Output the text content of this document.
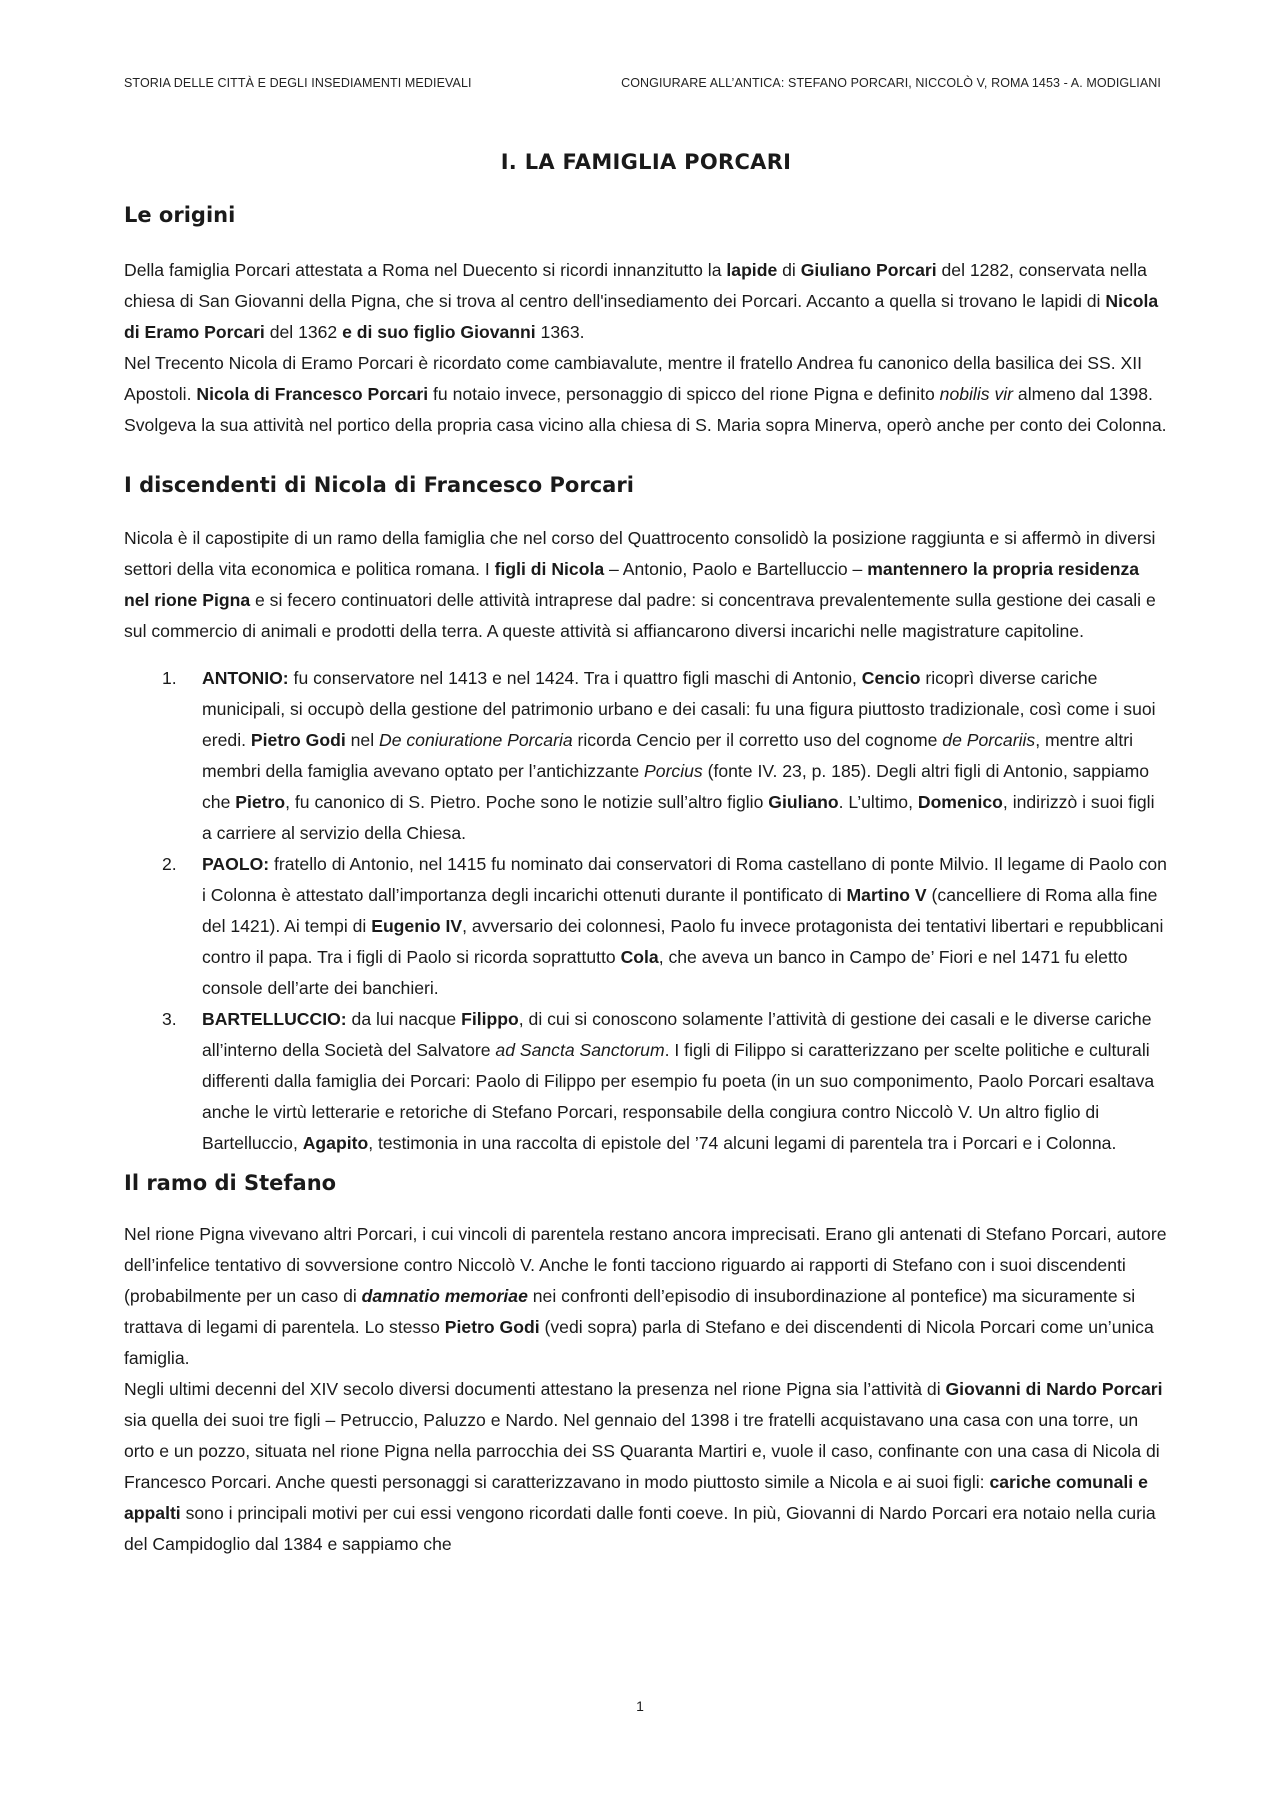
STORIA DELLE CITTÀ E DEGLI INSEDIAMENTI MEDIEVALI	CONGIURARE ALL’ANTICA: STEFANO PORCARI, NICCOLÒ V, ROMA 1453 - A. MODIGLIANI
I. LA FAMIGLIA PORCARI
Le origini

Della famiglia Porcari attestata a Roma nel Duecento si ricordi innanzitutto la lapide di Giuliano Porcari del 1282, conservata nella chiesa di San Giovanni della Pigna, che si trova al centro dell'insediamento dei Porcari. Accanto a quella si trovano le lapidi di Nicola di Eramo Porcari del 1362 e di suo figlio Giovanni 1363.

Nel Trecento Nicola di Eramo Porcari è ricordato come cambiavalute, mentre il fratello Andrea fu canonico della basilica dei SS. XII Apostoli. Nicola di Francesco Porcari fu notaio invece, personaggio di spicco del rione Pigna e definito nobilis vir almeno dal 1398. Svolgeva la sua attività nel portico della propria casa vicino alla chiesa di S. Maria sopra Minerva, operò anche per conto dei Colonna.

I discendenti di Nicola di Francesco Porcari

Nicola è il capostipite di un ramo della famiglia che nel corso del Quattrocento consolidò la posizione raggiunta e si affermò in diversi settori della vita economica e politica romana. I figli di Nicola – Antonio, Paolo e Bartelluccio – mantennero la propria residenza nel rione Pigna e si fecero continuatori delle attività intraprese dal padre: si concentrava prevalentemente sulla gestione dei casali e sul commercio di animali e prodotti della terra. A queste attività si affiancarono diversi incarichi nelle magistrature capitoline.

1. ANTONIO: fu conservatore nel 1413 e nel 1424. Tra i quattro figli maschi di Antonio, Cencio ricoprì diverse cariche municipali, si occupò della gestione del patrimonio urbano e dei casali: fu una figura piuttosto tradizionale, così come i suoi eredi. Pietro Godi nel De coniuratione Porcaria ricorda Cencio per il corretto uso del cognome de Porcariis, mentre altri membri della famiglia avevano optato per l’antichizzante Porcius (fonte IV. 23, p. 185). Degli altri figli di Antonio, sappiamo che Pietro, fu canonico di S. Pietro. Poche sono le notizie sull’altro figlio Giuliano. L’ultimo, Domenico, indirizzò i suoi figli a carriere al servizio della Chiesa.
2. PAOLO: fratello di Antonio, nel 1415 fu nominato dai conservatori di Roma castellano di ponte Milvio. Il legame di Paolo con i Colonna è attestato dall’importanza degli incarichi ottenuti durante il pontificato di Martino V (cancelliere di Roma alla fine del 1421). Ai tempi di Eugenio IV, avversario dei colonnesi, Paolo fu invece protagonista dei tentativi libertari e repubblicani contro il papa. Tra i figli di Paolo si ricorda soprattutto Cola, che aveva un banco in Campo de’ Fiori e nel 1471 fu eletto console dell’arte dei banchieri.
3. BARTELLUCCIO: da lui nacque Filippo, di cui si conoscono solamente l’attività di gestione dei casali e le diverse cariche all’interno della Società del Salvatore ad Sancta Sanctorum. I figli di Filippo si caratterizzano per scelte politiche e culturali differenti dalla famiglia dei Porcari: Paolo di Filippo per esempio fu poeta (in un suo componimento, Paolo Porcari esaltava anche le virtù letterarie e retoriche di Stefano Porcari, responsabile della congiura contro Niccolò V. Un altro figlio di Bartelluccio, Agapito, testimonia in una raccolta di epistole del ’74 alcuni legami di parentela tra i Porcari e i Colonna.
Il ramo di Stefano

Nel rione Pigna vivevano altri Porcari, i cui vincoli di parentela restano ancora imprecisati. Erano gli antenati di Stefano Porcari, autore dell’infelice tentativo di sovversione contro Niccolò V. Anche le fonti tacciono riguardo ai rapporti di Stefano con i suoi discendenti (probabilmente per un caso di damnatio memoriae nei confronti dell’episodio di insubordinazione al pontefice) ma sicuramente si trattava di legami di parentela. Lo stesso Pietro Godi (vedi sopra) parla di Stefano e dei discendenti di Nicola Porcari come un’unica famiglia.

Negli ultimi decenni del XIV secolo diversi documenti attestano la presenza nel rione Pigna sia l’attività di Giovanni di Nardo Porcari sia quella dei suoi tre figli – Petruccio, Paluzzo e Nardo. Nel gennaio del 1398 i tre fratelli acquistavano una casa con una torre, un orto e un pozzo, situata nel rione Pigna nella parrocchia dei SS Quaranta Martiri e, vuole il caso, confinante con una casa di Nicola di Francesco Porcari. Anche questi personaggi si caratterizzavano in modo piuttosto simile a Nicola e ai suoi figli: cariche comunali e appalti sono i principali motivi per cui essi vengono ricordati dalle fonti coeve. In più, Giovanni di Nardo Porcari era notaio nella curia del Campidoglio dal 1384 e sappiamo che

1
